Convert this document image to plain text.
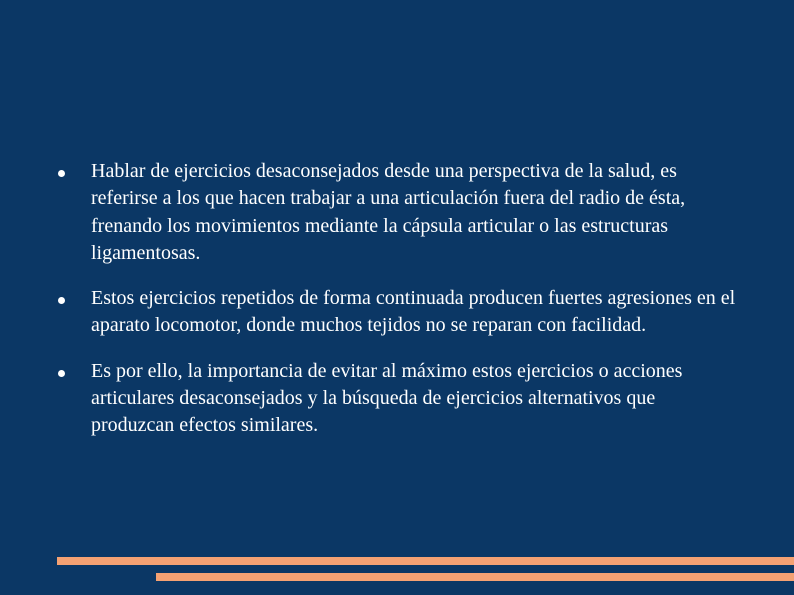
Hablar de ejercicios desaconsejados desde una perspectiva de la salud, es referirse a los que hacen trabajar a una articulación fuera del radio de ésta, frenando los movimientos mediante la cápsula articular o las estructuras ligamentosas.
Estos ejercicios repetidos de forma continuada producen fuertes agresiones en el aparato locomotor, donde muchos tejidos no se reparan con facilidad.
Es por ello, la importancia de evitar al máximo estos ejercicios o acciones articulares desaconsejados y la búsqueda de ejercicios alternativos que produzcan efectos similares.
